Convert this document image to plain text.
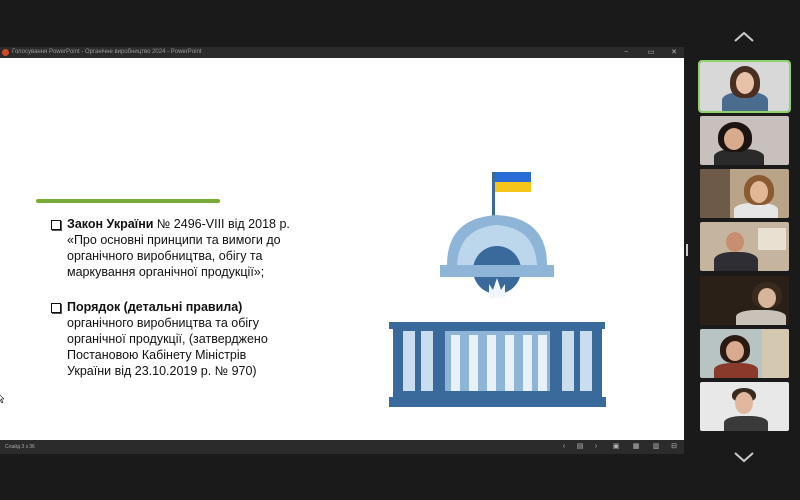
Голосування PowerPoint - Органічне виробництво 2024 - PowerPoint	−	▭	✕
Закон України № 2496-VIII від 2018 р.
«Про основні принципи та вимоги до
органічного виробництва, обігу та
маркування органічної продукції»;
Порядок (детальні правила)
органічного виробництва та обігу
органічної продукції, (затверджено
Постановою Кабінету Міністрів
України від 23.10.2019 р. № 970)
Слайд 3 з 36	‹	▤	›	▣ ▦ ▥ ⊟
